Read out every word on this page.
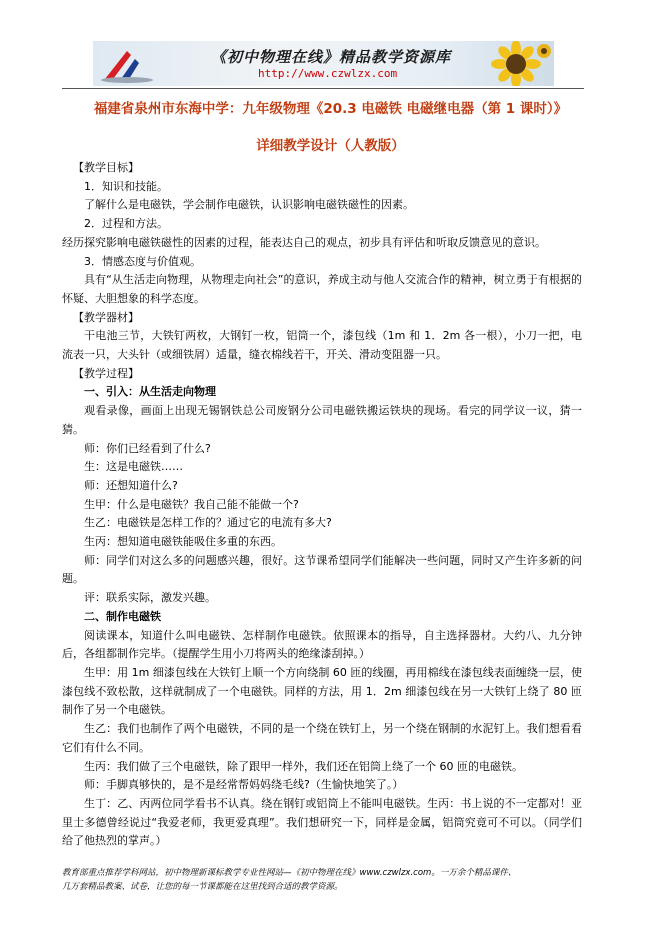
《初中物理在线》精品教学资源库
http://www.czwlzx.com
福建省泉州市东海中学：九年级物理《20.3 电磁铁 电磁继电器（第 1 课时）》
详细教学设计（人教版）

【教学目标】

1．知识和技能。

了解什么是电磁铁，学会制作电磁铁，认识影响电磁铁磁性的因素。

2．过程和方法。

经历探究影响电磁铁磁性的因素的过程，能表达自己的观点，初步具有评估和听取反馈意见的意识。

3．情感态度与价值观。

具有“从生活走向物理，从物理走向社会”的意识，养成主动与他人交流合作的精神，树立勇于有根据的怀疑、大胆想象的科学态度。

【教学器材】

干电池三节，大铁钉两枚，大钢钉一枚，铝筒一个，漆包线（1m 和 1．2m 各一根），小刀一把，电流表一只，大头针（或细铁屑）适量，缝衣棉线若干，开关、滑动变阻器一只。

【教学过程】

一、引入：从生活走向物理

观看录像，画面上出现无锡钢铁总公司废钢分公司电磁铁搬运铁块的现场。看完的同学议一议，猜一猜。

师：你们已经看到了什么?

生：这是电磁铁……

师：还想知道什么?

生甲：什么是电磁铁？我自己能不能做一个?

生乙：电磁铁是怎样工作的？通过它的电流有多大?

生丙：想知道电磁铁能吸住多重的东西。

师：同学们对这么多的问题感兴趣，很好。这节课希望同学们能解决一些问题，同时又产生许多新的问题。

评：联系实际，激发兴趣。

二、制作电磁铁

阅读课本，知道什么叫电磁铁、怎样制作电磁铁。依照课本的指导，自主选择器材。大约八、九分钟后，各组都制作完毕。（提醒学生用小刀将两头的绝缘漆刮掉。）

生甲：用 1m 细漆包线在大铁钉上顺一个方向绕制 60 匝的线圈，再用棉线在漆包线表面缠绕一层，使漆包线不致松散，这样就制成了一个电磁铁。同样的方法，用 1．2m 细漆包线在另一大铁钉上绕了 80 匝制作了另一个电磁铁。

生乙：我们也制作了两个电磁铁，不同的是一个绕在铁钉上，另一个绕在钢制的水泥钉上。我们想看看它们有什么不同。

生丙：我们做了三个电磁铁，除了跟甲一样外，我们还在铝筒上绕了一个 60 匝的电磁铁。

师：手脚真够快的，是不是经常帮妈妈绕毛线?（生愉快地笑了。）

生丁：乙、丙两位同学看书不认真。绕在钢钉或铝筒上不能叫电磁铁。生丙：书上说的不一定都对！亚里士多德曾经说过“我爱老师，我更爱真理”。我们想研究一下，同样是金属，铝筒究竟可不可以。（同学们给了他热烈的掌声。）

教育部重点推荐学科网站，初中物理新课标教学专业性网站—《初中物理在线》www.czwlzx.com。一万余个精品课件、

几万套精品教案、试卷，让您的每一节课都能在这里找到合适的教学资源。
